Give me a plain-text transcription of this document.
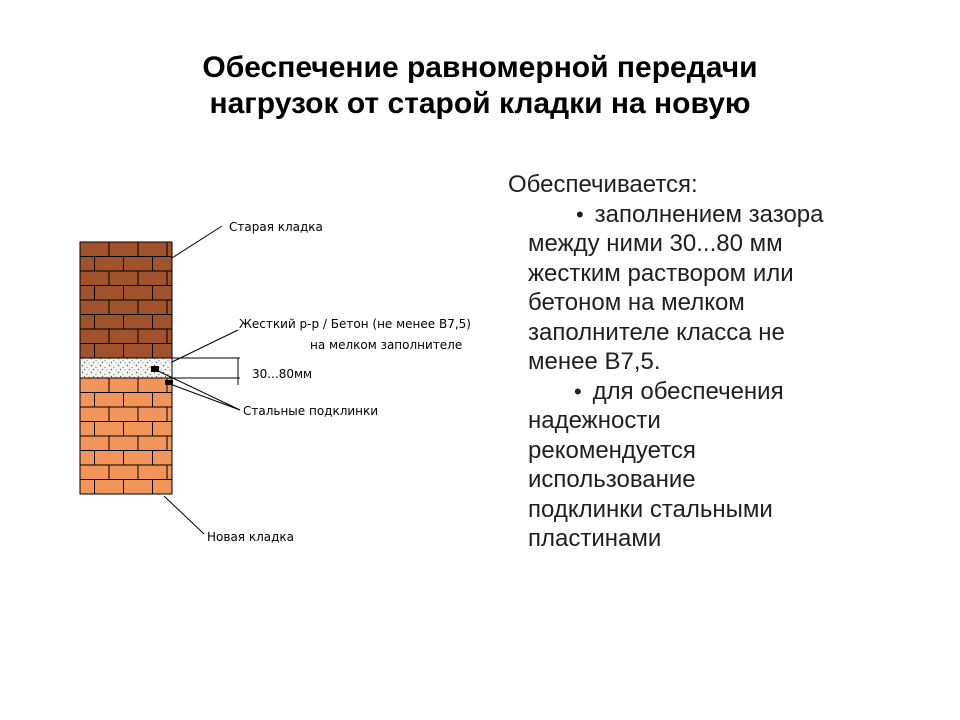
Обеспечение равномерной передачи
нагрузок от старой кладки на новую
Старая кладка
Жесткий р-р / Бетон (не менее В7,5)
на мелком заполнителе
30...80мм
Стальные подклинки
Новая кладка
Обеспечивается:
• заполнением зазора
между ними 30...80 мм
жестким раствором или
бетоном на мелком
заполнителе класса не
менее В7,5.
• для обеспечения
надежности
рекомендуется
использование
подклинки стальными
пластинами
